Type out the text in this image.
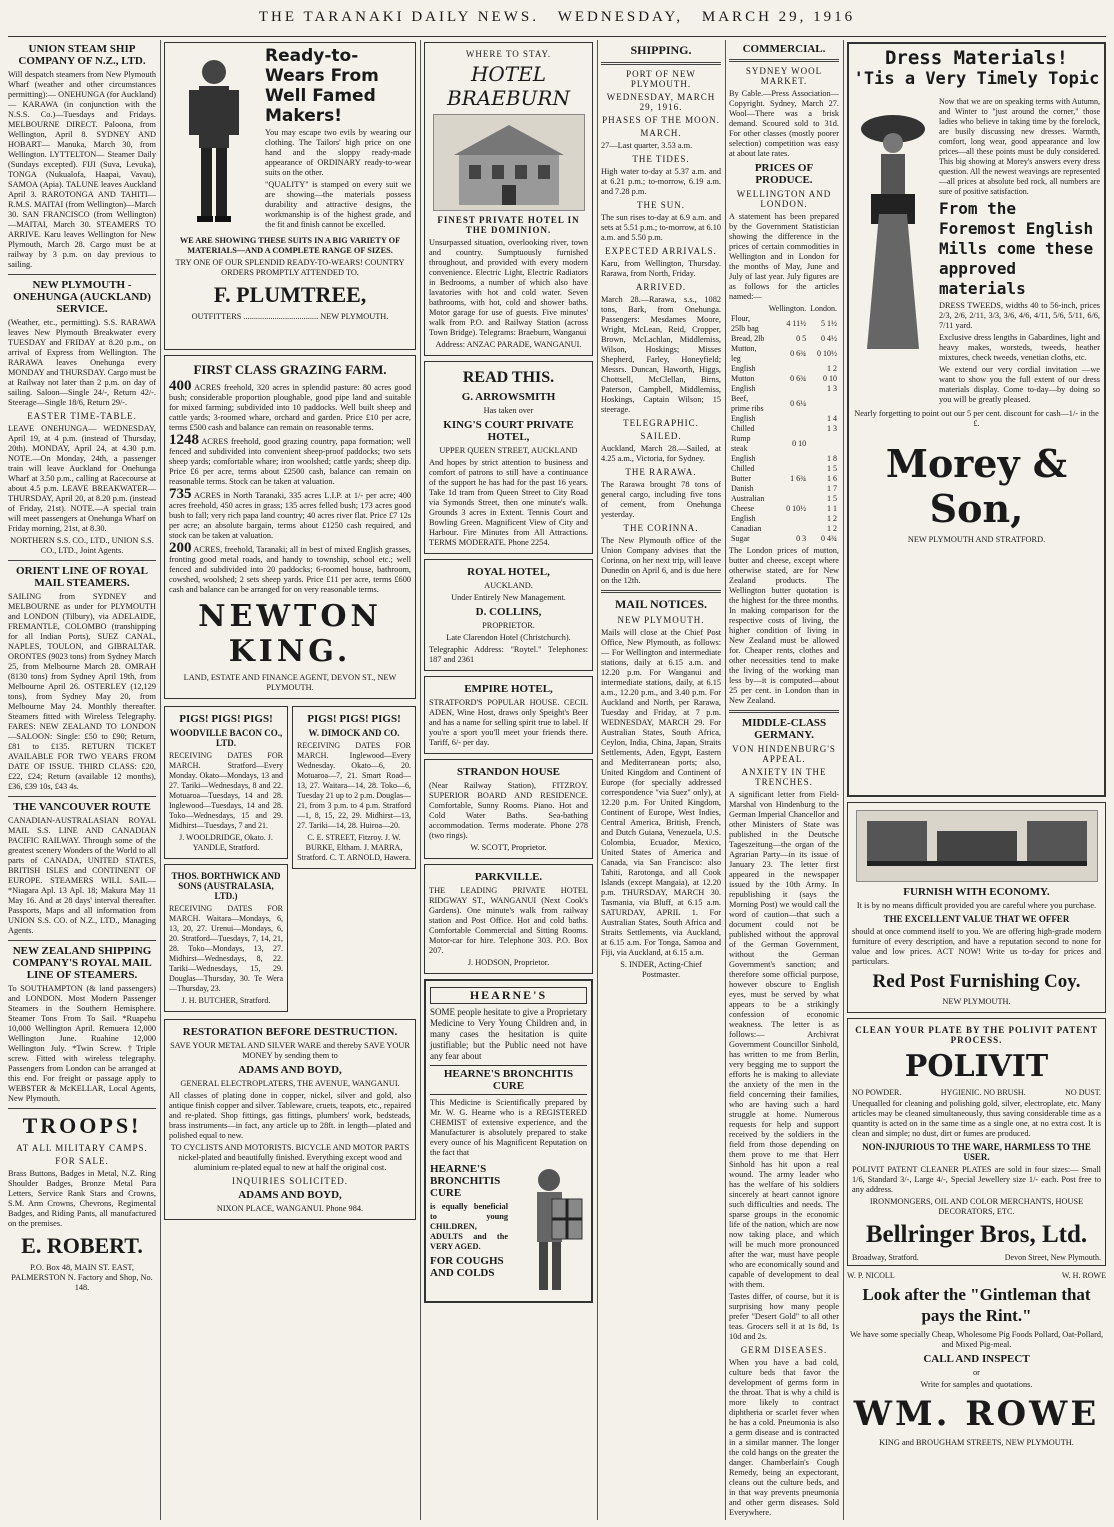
THE TARANAKI DAILY NEWS. WEDNESDAY, MARCH 29, 1916
UNION STEAM SHIP COMPANY OF N.Z., LTD.

Will despatch steamers from New Plymouth Wharf (weather and other circumstances permitting):— ONEHUNGA (for Auckland)— KARAWA (in conjunction with the N.S.S. Co.)—Tuesdays and Fridays. MELBOURNE DIRECT. Paloona, from Wellington, April 8. SYDNEY AND HOBART— Manuka, March 30, from Wellington. LYTTELTON— Steamer Daily (Sundays excepted). FIJI (Suva, Levuka), TONGA (Nukualofa, Haapai, Vavau), SAMOA (Apia). TALUNE leaves Auckland April 3. RAROTONGA AND TAHITI— R.M.S. MAITAI (from Wellington)—March 30. SAN FRANCISCO (from Wellington)—MAITAI, March 30. STEAMERS TO ARRIVE. Karu leaves Wellington for New Plymouth, March 28. Cargo must be at railway by 3 p.m. on day previous to sailing.

NEW PLYMOUTH - ONEHUNGA (AUCKLAND) SERVICE.

(Weather, etc., permitting). S.S. RARAWA leaves New Plymouth Breakwater every TUESDAY and FRIDAY at 8.20 p.m., on arrival of Express from Wellington. The RARAWA leaves Onehunga every MONDAY and THURSDAY. Cargo must be at Railway not later than 2 p.m. on day of sailing. Saloon—Single 24/-, Return 42/-. Steerage—Single 18/6, Return 29/-.

EASTER TIME-TABLE.

LEAVE ONEHUNGA— WEDNESDAY, April 19, at 4 p.m. (instead of Thursday, 20th). MONDAY, April 24, at 4.30 p.m. NOTE.—On Monday, 24th, a passenger train will leave Auckland for Onehunga Wharf at 3.50 p.m., calling at Racecourse at about 4.5 p.m. LEAVE BREAKWATER— THURSDAY, April 20, at 8.20 p.m. (instead of Friday, 21st). NOTE.—A special train will meet passengers at Onehunga Wharf on Friday morning, 21st, at 8.30.

NORTHERN S.S. CO., LTD., UNION S.S. CO., LTD., Joint Agents.

ORIENT LINE OF ROYAL MAIL STEAMERS.

SAILING from SYDNEY and MELBOURNE as under for PLYMOUTH and LONDON (Tilbury), via ADELAIDE, FREMANTLE, COLOMBO (transhipping for all Indian Ports), SUEZ CANAL, NAPLES, TOULON, and GIBRALTAR. ORONTES (9023 tons) from Sydney March 25, from Melbourne March 28. OMRAH (8130 tons) from Sydney April 19th, from Melbourne April 26. OSTERLEY (12,129 tons), from Sydney May 20, from Melbourne May 24. Monthly thereafter. Steamers fitted with Wireless Telegraphy. FARES: NEW ZEALAND TO LONDON —SALOON: Single: £50 to £90; Return, £81 to £135. RETURN TICKET AVAILABLE FOR TWO YEARS FROM DATE OF ISSUE. THIRD CLASS: £20, £22, £24; Return (available 12 months), £36, £39 10s, £43 4s.

THE VANCOUVER ROUTE

CANADIAN-AUSTRALASIAN ROYAL MAIL S.S. LINE AND CANADIAN PACIFIC RAILWAY. Through some of the greatest scenery Wonders of the World to all parts of CANADA, UNITED STATES, BRITISH ISLES and CONTINENT OF EUROPE. STEAMERS WILL SAIL— *Niagara Apl. 13 Apl. 18; Makura May 11 May 16. And at 28 days' interval thereafter. Passports, Maps and all information from UNION S.S. CO. of N.Z., LTD., Managing Agents.

NEW ZEALAND SHIPPING COMPANY'S ROYAL MAIL LINE OF STEAMERS.

To SOUTHAMPTON (& land passengers) and LONDON. Most Modern Passenger Steamers in the Southern Hemisphere. Steamer Tons From To Sail. *Ruapehu 10,000 Wellington April. Remuera 12,000 Wellington June. Ruahine 12,000 Wellington July. *Twin Screw. †Triple screw. Fitted with wireless telegraphy. Passengers from London can be arranged at this end. For freight or passage apply to WEBSTER & McKELLAR, Local Agents, New Plymouth.

TROOPS!
AT ALL MILITARY CAMPS.
FOR SALE.

Brass Buttons, Badges in Metal, N.Z. Ring Shoulder Badges, Bronze Metal Para Letters, Service Rank Stars and Crowns, S.M. Arm Crowns, Chevrons, Regimental Badges, and Riding Pants, all manufactured on the premises.

E. ROBERT.

P.O. Box 48, MAIN ST. EAST, PALMERSTON N. Factory and Shop, No. 148.

Ready-to-Wears From Well Famed Makers!

You may escape two evils by wearing our clothing. The Tailors' high price on one hand and the sloppy ready-made appearance of ORDINARY ready-to-wear suits on the other.

"QUALITY" is stamped on every suit we are showing—the materials possess durability and attractive designs, the workmanship is of the highest grade, and the fit and finish cannot be excelled.

WE ARE SHOWING THESE SUITS IN A BIG VARIETY OF MATERIALS—AND A COMPLETE RANGE OF SIZES.

TRY ONE OF OUR SPLENDID READY-TO-WEARS! COUNTRY ORDERS PROMPTLY ATTENDED TO.

F. PLUMTREE,

OUTFITTERS .................................... NEW PLYMOUTH.

FIRST CLASS GRAZING FARM.

400 ACRES freehold, 320 acres in splendid pasture: 80 acres good bush; considerable proportion ploughable, good pipe land and suitable for mixed farming; subdivided into 10 paddocks. Well built sheep and cattle yards; 3-roomed whare, orchard and garden. Price £10 per acre, terms £500 cash and balance can remain on reasonable terms.

1248 ACRES freehold, good grazing country, papa formation; well fenced and subdivided into convenient sheep-proof paddocks; two sets sheep yards; comfortable whare; iron woolshed; cattle yards; sheep dip. Price £6 per acre, terms about £2500 cash, balance can remain on reasonable terms. Stock can be taken at valuation.

735 ACRES in North Taranaki, 335 acres L.I.P. at 1/- per acre; 400 acres freehold, 450 acres in grass; 135 acres felled bush; 173 acres good bush to fall; very rich papa land country; 40 acres river flat. Price £7 12s per acre; an absolute bargain, terms about £1250 cash required, and stock can be taken at valuation.

200 ACRES, freehold, Taranaki; all in best of mixed English grasses, fronting good metal roads, and handy to township, school etc.; well fenced and subdivided into 20 paddocks; 6-roomed house, bathroom, cowshed, woolshed; 2 sets sheep yards. Price £11 per acre, terms £600 cash and balance can be arranged for on very reasonable terms.

NEWTON KING.

LAND, ESTATE AND FINANCE AGENT, DEVON ST., NEW PLYMOUTH.

PIGS! PIGS! PIGS!
WOODVILLE BACON CO., LTD.

RECEIVING DATES FOR MARCH. Stratford—Every Monday. Okato—Mondays, 13 and 27. Tariki—Wednesdays, 8 and 22. Motuaroa—Tuesdays, 14 and 28. Inglewood—Tuesdays, 14 and 28. Toko—Wednesdays, 15 and 29. Midhirst—Tuesdays, 7 and 21.

J. WOOLDRIDGE, Okato. J. YANDLE, Stratford.

THOS. BORTHWICK AND SONS (AUSTRALASIA, LTD.)

RECEIVING DATES FOR MARCH. Waitara—Mondays, 6, 13, 20, 27. Urenui—Mondays, 6, 20. Stratford—Tuesdays, 7, 14, 21, 28. Toko—Mondays, 13, 27. Midhirst—Wednesdays, 8, 22. Tariki—Wednesdays, 15, 29. Douglas—Thursday, 30. Te Wera—Thursday, 23.

J. H. BUTCHER, Stratford.

PIGS! PIGS! PIGS!
W. DIMOCK AND CO.

RECEIVING DATES FOR MARCH. Inglewood—Every Wednesday. Okato—6, 20. Motuaroa—7, 21. Smart Road—13, 27. Waitara—14, 28. Toko—6, Tuesday 21 up to 2 p.m. Douglas—21, from 3 p.m. to 4 p.m. Stratford—1, 8, 15, 22, 29. Midhirst—13, 27. Tariki—14, 28. Huiroa—20.

C. E. STREET, Fitzroy. J. W. BURKE, Eltham. J. MARRA, Stratford. C. T. ARNOLD, Hawera.

RESTORATION BEFORE DESTRUCTION.

SAVE YOUR METAL AND SILVER WARE and thereby SAVE YOUR MONEY by sending them to

ADAMS AND BOYD,

GENERAL ELECTROPLATERS, THE AVENUE, WANGANUI.

All classes of plating done in copper, nickel, silver and gold, also antique finish copper and silver. Tableware, cruets, teapots, etc., repaired and re-plated. Shop fittings, gas fittings, plumbers' work, bedsteads, brass instruments—in fact, any article up to 28ft. in length—plated and polished equal to new.

TO CYCLISTS AND MOTORISTS. BICYCLE AND MOTOR PARTS nickel-plated and beautifully finished. Everything except wood and aluminium re-plated equal to new at half the original cost.

INQUIRIES SOLICITED.
ADAMS AND BOYD,

NIXON PLACE, WANGANUI. Phone 984.

WHERE TO STAY.
HOTEL BRAEBURN
FINEST PRIVATE HOTEL IN THE DOMINION.

Unsurpassed situation, overlooking river, town and country. Sumptuously furnished throughout, and provided with every modern convenience. Electric Light, Electric Radiators in Bedrooms, a number of which also have lavatories with hot and cold water. Seven bathrooms, with hot, cold and shower baths. Motor garage for use of guests. Five minutes' walk from P.O. and Railway Station (across Town Bridge). Telegrams: Braeburn, Wanganui

Address: ANZAC PARADE, WANGANUI.

READ THIS.
G. ARROWSMITH

Has taken over

KING'S COURT PRIVATE HOTEL,

UPPER QUEEN STREET, AUCKLAND

And hopes by strict attention to business and comfort of patrons to still have a continuance of the support he has had for the past 16 years. Take 1d tram from Queen Street to City Road via Symonds Street, then one minute's walk. Grounds 3 acres in Extent. Tennis Court and Bowling Green. Magnificent View of City and Harbour. Fire Minutes from All Attractions. TERMS MODERATE. Phone 2254.

ROYAL HOTEL,

AUCKLAND.

Under Entirely New Management.

D. COLLINS,

PROPRIETOR.

Late Clarendon Hotel (Christchurch).

Telegraphic Address: "Roytel." Telephones: 187 and 2361

EMPIRE HOTEL,

STRATFORD'S POPULAR HOUSE. CECIL ADEN, Wine Host, draws only Speight's Beer and has a name for selling spirit true to label. If you're a sport you'll meet your friends there. Tariff, 6/- per day.

STRANDON HOUSE

(Near Railway Station), FITZROY. SUPERIOR BOARD AND RESIDENCE. Comfortable, Sunny Rooms. Piano. Hot and Cold Water Baths. Sea-bathing accommodation. Terms moderate. Phone 278 (two rings).

W. SCOTT, Proprietor.

PARKVILLE.

THE LEADING PRIVATE HOTEL RIDGWAY ST., WANGANUI (Next Cook's Gardens). One minute's walk from railway station and Post Office. Hot and cold baths. Comfortable Commercial and Sitting Rooms. Motor-car for hire. Telephone 303. P.O. Box 207.

J. HODSON, Proprietor.

HEARNE'S

SOME people hesitate to give a Proprietary Medicine to Very Young Children and, in many cases the hesitation is quite justifiable; but the Public need not have any fear about

HEARNE'S BRONCHITIS CURE

This Medicine is Scientifically prepared by Mr. W. G. Hearne who is a REGISTERED CHEMIST of extensive experience, and the Manufacturer is absolutely prepared to stake every ounce of his Magnificent Reputation on the fact that

HEARNE'S BRONCHITIS CURE

is equally beneficial to young CHILDREN, ADULTS and the VERY AGED.

FOR COUGHS AND COLDS
SHIPPING.
PORT OF NEW PLYMOUTH.
WEDNESDAY, MARCH 29, 1916.
PHASES OF THE MOON.
MARCH.

27—Last quarter, 3.53 a.m.

THE TIDES.

High water to-day at 5.37 a.m. and at 6.21 p.m.; to-morrow, 6.19 a.m. and 7.28 p.m.

THE SUN.

The sun rises to-day at 6.9 a.m. and sets at 5.51 p.m.; to-morrow, at 6.10 a.m. and 5.50 p.m.

EXPECTED ARRIVALS.

Karu, from Wellington, Thursday. Rarawa, from North, Friday.

ARRIVED.

March 28.—Rarawa, s.s., 1082 tons, Bark, from Onehunga. Passengers: Mesdames Moore, Wright, McLean, Reid, Cropper, Brown, McLachlan, Middlemiss, Wilson, Hoskings; Misses Shepherd, Farley, Honeyfield; Messrs. Duncan, Haworth, Higgs, Chottsell, McClellan, Birns, Paterson, Campbell, Middlemiss, Hoskings, Captain Wilson; 15 steerage.

TELEGRAPHIC.
SAILED.

Auckland, March 28.—Sailed, at 4.25 a.m., Victoria, for Sydney.

THE RARAWA.

The Rarawa brought 78 tons of general cargo, including five tons of cement, from Onehunga yesterday.

THE CORINNA.

The New Plymouth office of the Union Company advises that the Corinna, on her next trip, will leave Dunedin on April 6, and is due here on the 12th.

MAIL NOTICES.
NEW PLYMOUTH.

Mails will close at the Chief Post Office, New Plymouth, as follows:— For Wellington and intermediate stations, daily at 6.15 a.m. and 12.20 p.m. For Wanganui and intermediate stations, daily, at 6.15 a.m., 12.20 p.m., and 3.40 p.m. For Auckland and North, per Rarawa, Tuesday and Friday, at 7 p.m. WEDNESDAY, MARCH 29. For Australian States, South Africa, Ceylon, India, China, Japan, Straits Settlements, Aden, Egypt, Eastern and Mediterranean ports; also, United Kingdom and Continent of Europe (for specially addressed correspondence "via Suez" only), at 12.20 p.m. For United Kingdom, Continent of Europe, West Indies, Central America, British, French, and Dutch Guiana, Venezuela, U.S. Colombia, Ecuador, Mexico, United States of America and Canada, via San Francisco: also Tahiti, Rarotonga, and all Cook Islands (except Mangaia), at 12.20 p.m. THURSDAY, MARCH 30. Tasmania, via Bluff, at 6.15 a.m. SATURDAY, APRIL 1. For Australian States, South Africa and Straits Settlements, via Auckland, at 6.15 a.m. For Tonga, Samoa and Fiji, via Auckland, at 6.15 a.m.

S. INDER, Acting-Chief Postmaster.

COMMERCIAL.
SYDNEY WOOL MARKET.

By Cable.—Press Association—Copyright. Sydney, March 27. Wool—There was a brisk demand. Scoured sold to 31d. For other classes (mostly poorer selection) competition was easy at about late rates.

PRICES OF PRODUCE.
WELLINGTON AND LONDON.

A statement has been prepared by the Government Statistician showing the difference in the prices of certain commodities in Wellington and in London for the months of May, June and July of last year. July figures are as follows for the articles named:—

	Wellington.	London.
Flour, 25lb bag	4 11½	5 1½
Bread, 2lb	0 5	0 4½
Mutton, leg	0 6¾	0 10½
English		1 2
Mutton	0 6¾	0 10
English		1 3
Beef, prime ribs	0 6¼	
English		1 4
Chilled		1 3
Rump steak	0 10	
English		1 8
Chilled		1 5
Butter	1 6¾	1 6
Danish		1 7
Australian		1 5
Cheese	0 10½	1 1
English		1 2
Canadian		1 2
Sugar	0 3	0 4¾

The London prices of mutton, butter and cheese, except where otherwise stated, are for New Zealand products. The Wellington butter quotation is the highest for the three months. In making comparison for the respective costs of living, the higher condition of living in New Zealand must be allowed for. Cheaper rents, clothes and other necessities tend to make the living of the working man less by—it is computed—about 25 per cent. in London than in New Zealand.

MIDDLE-CLASS GERMANY.
VON HINDENBURG'S APPEAL.
ANXIETY IN THE TRENCHES.

A significant letter from Field-Marshal von Hindenburg to the German Imperial Chancellor and other Ministers of State was published in the Deutsche Tageszeitung—the organ of the Agrarian Party—in its issue of January 23. The letter first appeared in the newspaper issued by the 10th Army. In republishing it (says the Morning Post) we would call the word of caution—that such a document could not be published without the approval of the German Government, without the German Government's sanction; and therefore some official purpose, however obscure to English eyes, must be served by what appears to be a strikingly confession of economic weakness. The letter is as follows:— Archivrat Government Councillor Sinhold, has written to me from Berlin, very begging me to support the efforts he is making to alleviate the anxiety of the men in the field concerning their families, who are having such a hard struggle at home. Numerous requests for help and support received by the soldiers in the field from those depending on them prove to me that Herr Sinhold has hit upon a real wound. The army leader who has the welfare of his soldiers sincerely at heart cannot ignore such difficulties and needs. The sparse groups in the economic life of the nation, which are now now taking place, and which will be much more pronounced after the war, must have people who are economically sound and capable of development to deal with them.

Tastes differ, of course, but it is surprising how many people prefer "Desert Gold" to all other teas. Grocers sell it at 1s 8d, 1s 10d and 2s.

GERM DISEASES.

When you have a bad cold, culture beds that favor the development of germs form in the throat. That is why a child is more likely to contract diphtheria or scarlet fever when he has a cold. Pneumonia is also a germ disease and is contracted in a similar manner. The longer the cold hangs on the greater the danger. Chamberlain's Cough Remedy, being an expectorant, cleans out the culture beds, and in that way prevents pneumonia and other germ diseases. Sold Everywhere.

Dress Materials!
'Tis a Very Timely Topic

Now that we are on speaking terms with Autumn, and Winter to "just around the corner," those ladies who believe in taking time by the forelock, are busily discussing new dresses. Warmth, comfort, long wear, good appearance and low prices—all these points must be duly considered. This big showing at Morey's answers every dress question. All the newest weavings are represented—all prices at absolute bed rock, all numbers are sure of positive satisfaction.

From the Foremost English Mills come these approved materials

DRESS TWEEDS, widths 40 to 56-inch, prices 2/3, 2/6, 2/11, 3/3, 3/6, 4/6, 4/11, 5/6, 5/11, 6/6, 7/11 yard.

Exclusive dress lengths in Gabardines, light and heavy makes, worsteds, tweeds, heather mixtures, check tweeds, venetian cloths, etc.

We extend our very cordial invitation —we want to show you the full extent of our dress materials display. Come to-day—by doing so you will be greatly pleased.

Nearly forgetting to point out our 5 per cent. discount for cash—1/- in the £.

Morey & Son,

NEW PLYMOUTH AND STRATFORD.

FURNISH WITH ECONOMY.

It is by no means difficult provided you are careful where you purchase.

THE EXCELLENT VALUE THAT WE OFFER

should at once commend itself to you. We are offering high-grade modern furniture of every description, and have a reputation second to none for value and low prices. ACT NOW! Write us to-day for prices and particulars.

Red Post Furnishing Coy.

NEW PLYMOUTH.

CLEAN YOUR PLATE BY THE POLIVIT PATENT PROCESS.
POLIVIT
NO POWDER.	HYGIENIC. NO BRUSH.	NO DUST.

Unequalled for cleaning and polishing gold, silver, electroplate, etc. Many articles may be cleaned simultaneously, thus saving considerable time as a quantity is acted on in the same time as a single one, at no extra cost. It is clean and simple; no dust, dirt or fumes are produced.

NON-INJURIOUS TO THE WARE, HARMLESS TO THE USER.

POLIVIT PATENT CLEANER PLATES are sold in four sizes:— Small 1/6, Standard 3/-, Large 4/-, Special Jewellery size 1/- each. Post free to any address.

IRONMONGERS, OIL AND COLOR MERCHANTS, HOUSE DECORATORS, ETC.

Bellringer Bros, Ltd.
Broadway, Stratford.	Devon Street, New Plymouth.
W. P. NICOLL	W. H. ROWE
Look after the "Gintleman that pays the Rint."

We have some specially Cheap, Wholesome Pig Foods Pollard, Oat-Pollard, and Mixed Pig-meal.

CALL AND INSPECT

or

Write for samples and quotations.

WM. ROWE

KING and BROUGHAM STREETS, NEW PLYMOUTH.
